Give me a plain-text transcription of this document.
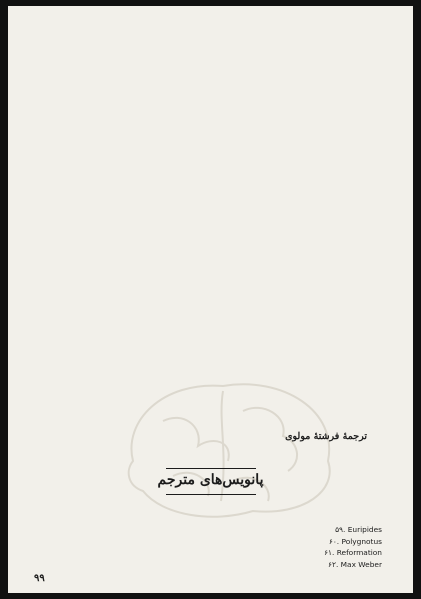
ترجمهٔ فرشتهٔ مولوی
پانویس‌های مترجم
۵۹. Euripides
۶۰. Polygnotus
۶۱. Reformation
۶۲. Max Weber
۹۹
